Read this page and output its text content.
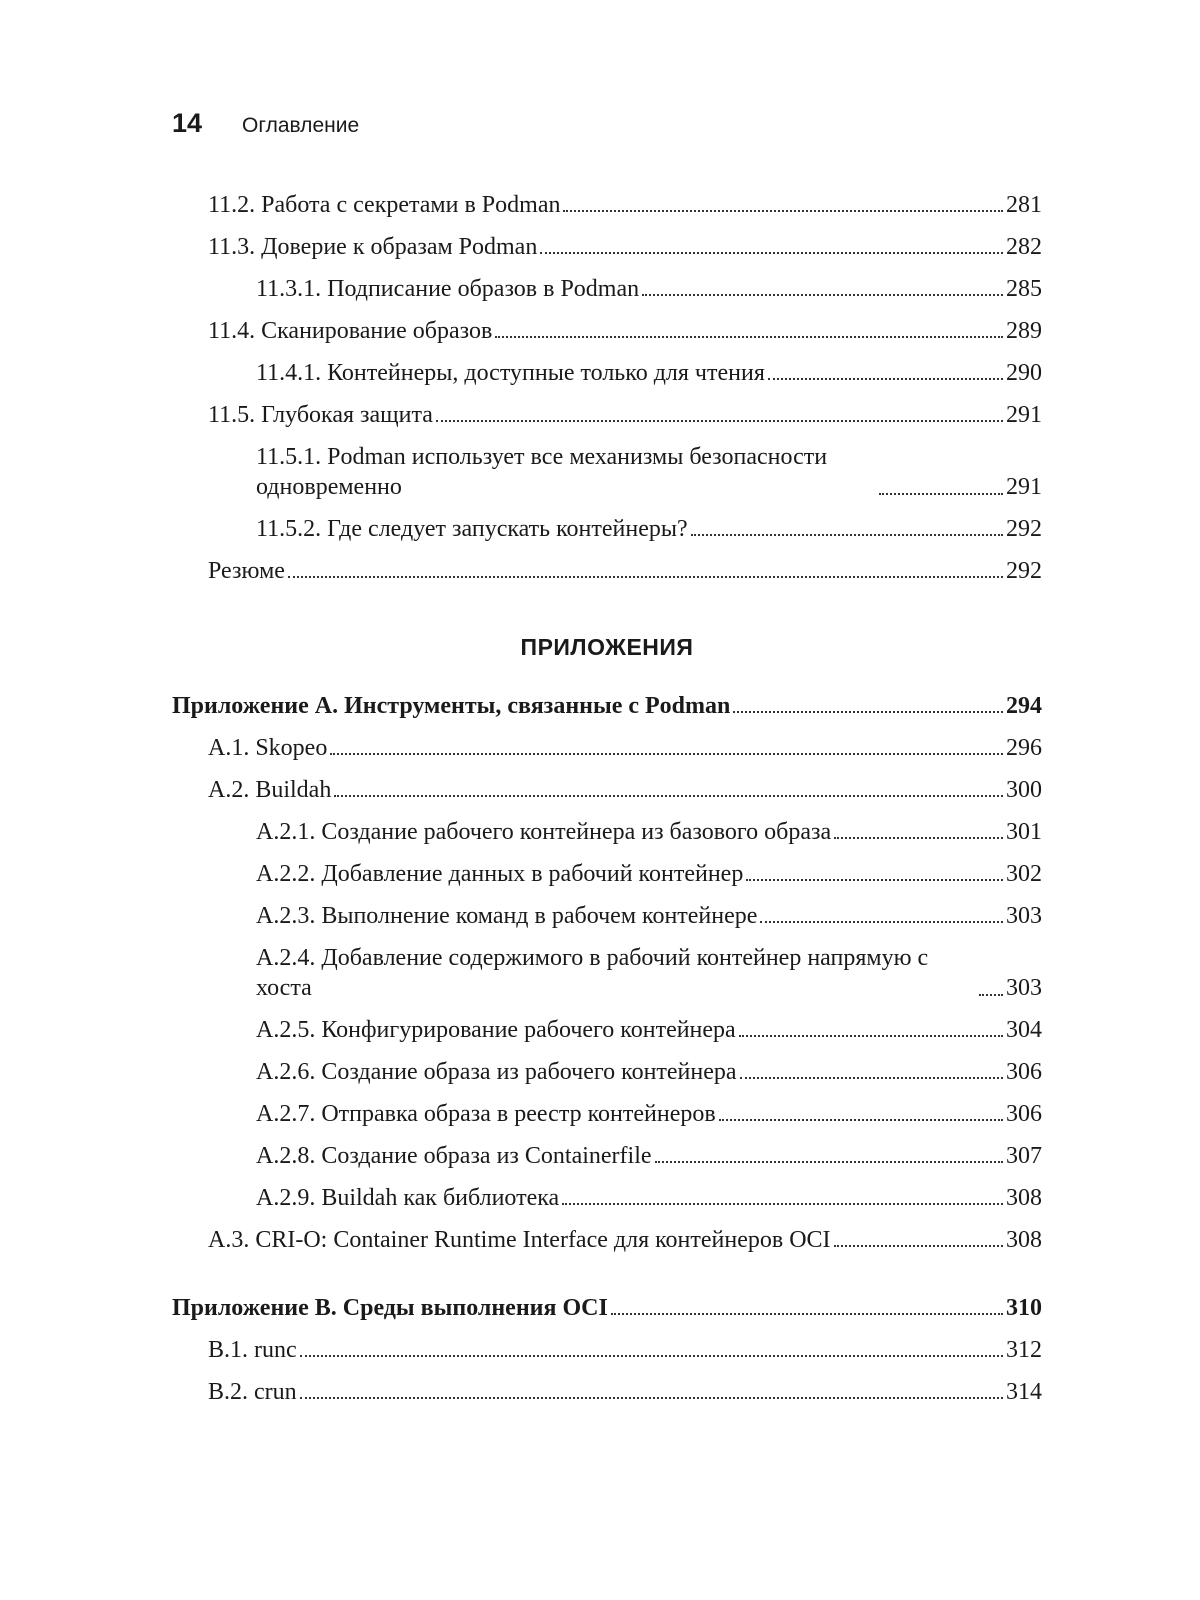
14 Оглавление
11.2. Работа с секретами в Podman	281
11.3. Доверие к образам Podman	282
11.3.1. Подписание образов в Podman	285
11.4. Сканирование образов	289
11.4.1. Контейнеры, доступные только для чтения	290
11.5. Глубокая защита	291
11.5.1. Podman использует все механизмы безопасности одновременно	291
11.5.2. Где следует запускать контейнеры?	292
Резюме	292
ПРИЛОЖЕНИЯ
Приложение А. Инструменты, связанные с Podman	294
А.1. Skopeo	296
А.2. Buildah	300
А.2.1. Создание рабочего контейнера из базового образа	301
А.2.2. Добавление данных в рабочий контейнер	302
А.2.3. Выполнение команд в рабочем контейнере	303
А.2.4. Добавление содержимого в рабочий контейнер напрямую с хоста	303
А.2.5. Конфигурирование рабочего контейнера	304
А.2.6. Создание образа из рабочего контейнера	306
А.2.7. Отправка образа в реестр контейнеров	306
А.2.8. Создание образа из Containerfile	307
А.2.9. Buildah как библиотека	308
А.3. CRI-O: Container Runtime Interface для контейнеров OCI	308
Приложение В. Среды выполнения OCI	310
В.1. runc	312
В.2. crun	314
